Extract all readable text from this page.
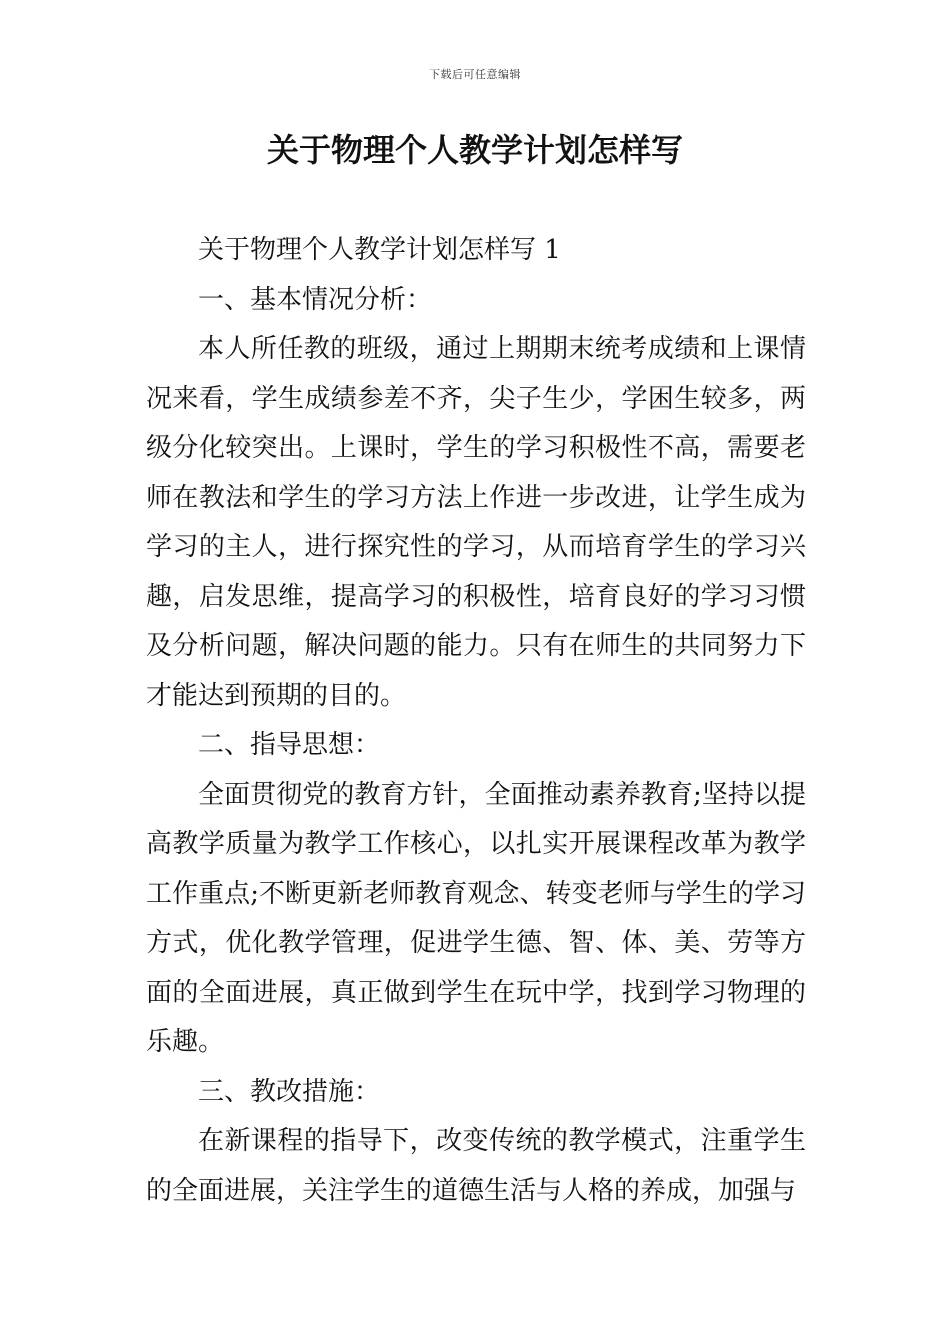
下载后可任意编辑
关于物理个人教学计划怎样写

关于物理个人教学计划怎样写 1

一、基本情况分析：

本人所任教的班级，通过上期期末统考成绩和上课情况来看，学生成绩参差不齐，尖子生少，学困生较多，两级分化较突出。上课时，学生的学习积极性不高，需要老师在教法和学生的学习方法上作进一步改进，让学生成为学习的主人，进行探究性的学习，从而培育学生的学习兴趣，启发思维，提高学习的积极性，培育良好的学习习惯及分析问题，解决问题的能力。只有在师生的共同努力下才能达到预期的目的。

二、指导思想：

全面贯彻党的教育方针，全面推动素养教育;坚持以提高教学质量为教学工作核心，以扎实开展课程改革为教学工作重点;不断更新老师教育观念、转变老师与学生的学习方式，优化教学管理，促进学生德、智、体、美、劳等方面的全面进展，真正做到学生在玩中学，找到学习物理的乐趣。

三、教改措施：

在新课程的指导下，改变传统的教学模式，注重学生的全面进展，关注学生的道德生活与人格的养成，加强与
